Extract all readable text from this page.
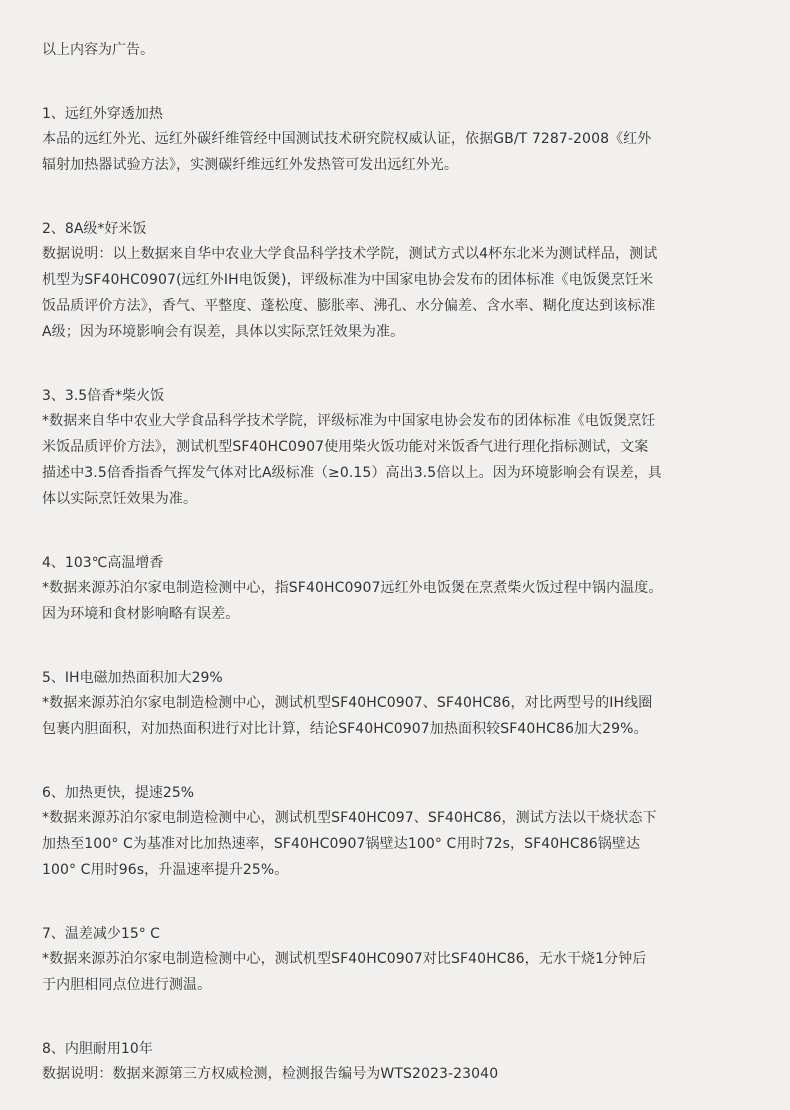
以上内容为广告。

1、远红外穿透加热

本品的远红外光、远红外碳纤维管经中国测试技术研究院权威认证，依据GB/T 7287-2008《红外
辐射加热器试验方法》，实测碳纤维远红外发热管可发出远红外光。

2、8A级*好米饭

数据说明：以上数据来自华中农业大学食品科学技术学院，测试方式以4杯东北米为测试样品，测试
机型为SF40HC0907(远红外IH电饭煲)，评级标准为中国家电协会发布的团体标准《电饭煲烹饪米
饭品质评价方法》，香气、平整度、蓬松度、膨胀率、沸孔、水分偏差、含水率、糊化度达到该标准
A级；因为环境影响会有误差，具体以实际烹饪效果为准。

3、3.5倍香*柴火饭

*数据来自华中农业大学食品科学技术学院，评级标准为中国家电协会发布的团体标准《电饭煲烹饪
米饭品质评价方法》，测试机型SF40HC0907使用柴火饭功能对米饭香气进行理化指标测试，文案
描述中3.5倍香指香气挥发气体对比A级标准（≥0.15）高出3.5倍以上。因为环境影响会有误差，具
体以实际烹饪效果为准。

4、103℃高温增香

*数据来源苏泊尔家电制造检测中心，指SF40HC0907远红外电饭煲在烹煮柴火饭过程中锅内温度。
因为环境和食材影响略有误差。

5、IH电磁加热面积加大29%

*数据来源苏泊尔家电制造检测中心，测试机型SF40HC0907、SF40HC86，对比两型号的IH线圈
包裹内胆面积，对加热面积进行对比计算，结论SF40HC0907加热面积较SF40HC86加大29%。

6、加热更快，提速25%

*数据来源苏泊尔家电制造检测中心，测试机型SF40HC097、SF40HC86，测试方法以干烧状态下
加热至100° C为基准对比加热速率，SF40HC0907锅壁达100° C用时72s，SF40HC86锅壁达
100° C用时96s，升温速率提升25%。

7、温差减少15° C

*数据来源苏泊尔家电制造检测中心，测试机型SF40HC0907对比SF40HC86，无水干烧1分钟后
于内胆相同点位进行测温。

8、内胆耐用10年

数据说明：数据来源第三方权威检测，检测报告编号为WTS2023-23040
